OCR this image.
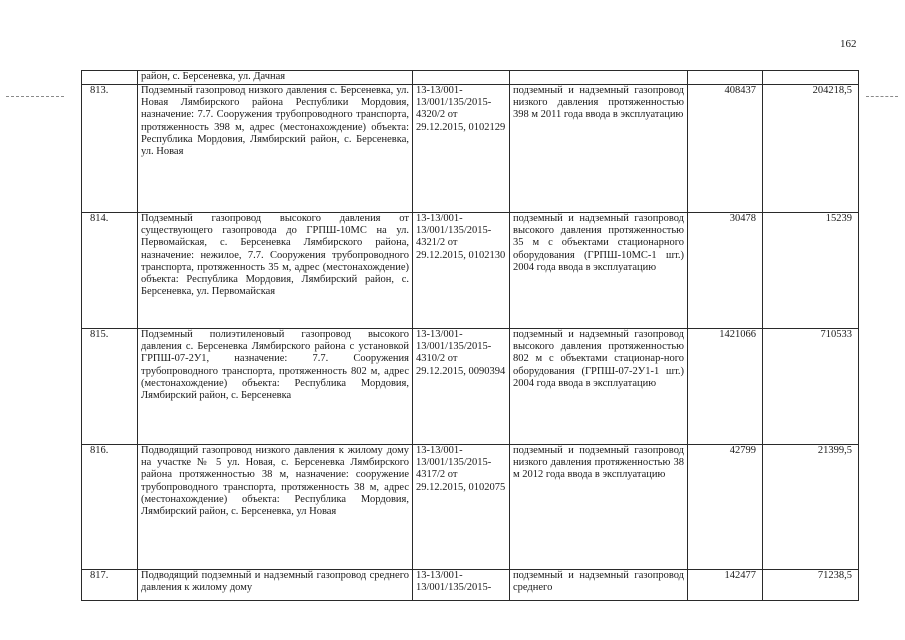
162
	район, с. Берсеневка, ул. Дачная				
813.	Подземный газопровод низкого давления с. Берсеневка, ул. Новая Лямбирского района Республики Мордовия, назначение: 7.7. Сооружения трубопроводного транспорта, протяженность 398 м, адрес (местонахождение) объекта: Республика Мордовия, Лямбирский район, с. Берсеневка, ул. Новая	13-13/001-13/001/135/2015-4320/2 от 29.12.2015, 0102129	подземный и надземный газопровод низкого давления протяженностью 398 м 2011 года ввода в эксплуатацию	408437	204218,5
814.	Подземный газопровод высокого давления от существующего газопровода до ГРПШ-10МС на ул. Первомайская, с. Берсеневка Лямбирского района, назначение: нежилое, 7.7. Сооружения трубопроводного транспорта, протяженность 35 м, адрес (местонахождение) объекта: Республика Мордовия, Лямбирский район, с. Берсеневка, ул. Первомайская	13-13/001-13/001/135/2015-4321/2 от 29.12.2015, 0102130	подземный и надземный газопровод высокого давления протяженностью 35 м с объектами стационарного оборудования (ГРПШ-10МС-1 шт.) 2004 года ввода в эксплуатацию	30478	15239
815.	Подземный полиэтиленовый газопровод высокого давления с. Берсеневка Лямбирского района с установкой ГРПШ-07-2У1, назначение: 7.7. Сооружения трубопроводного транспорта, протяженность 802 м, адрес (местонахождение) объекта: Республика Мордовия, Лямбирский район, с. Берсеневка	13-13/001-13/001/135/2015-4310/2 от 29.12.2015, 0090394	подземный и надземный газопровод высокого давления протяженностью 802 м с объектами стационар-ного оборудования (ГРПШ-07-2У1-1 шт.) 2004 года ввода в эксплуатацию	1421066	710533
816.	Подводящий газопровод низкого давления к жилому дому на участке № 5 ул. Новая, с. Берсеневка Лямбирского района протяженностью 38 м, назначение: сооружение трубопроводного транспорта, протяженность 38 м, адрес (местонахождение) объекта: Республика Мордовия, Лямбирский район, с. Берсеневка, ул Новая	13-13/001-13/001/135/2015-4317/2 от 29.12.2015, 0102075	подземный и подземный газопровод низкого давления протяженностью 38 м 2012 года ввода в эксплуатацию	42799	21399,5
817.	Подводящий подземный и надземный газопровод среднего давления к жилому дому	13-13/001-13/001/135/2015-	подземный и надземный газопровод среднего	142477	71238,5
